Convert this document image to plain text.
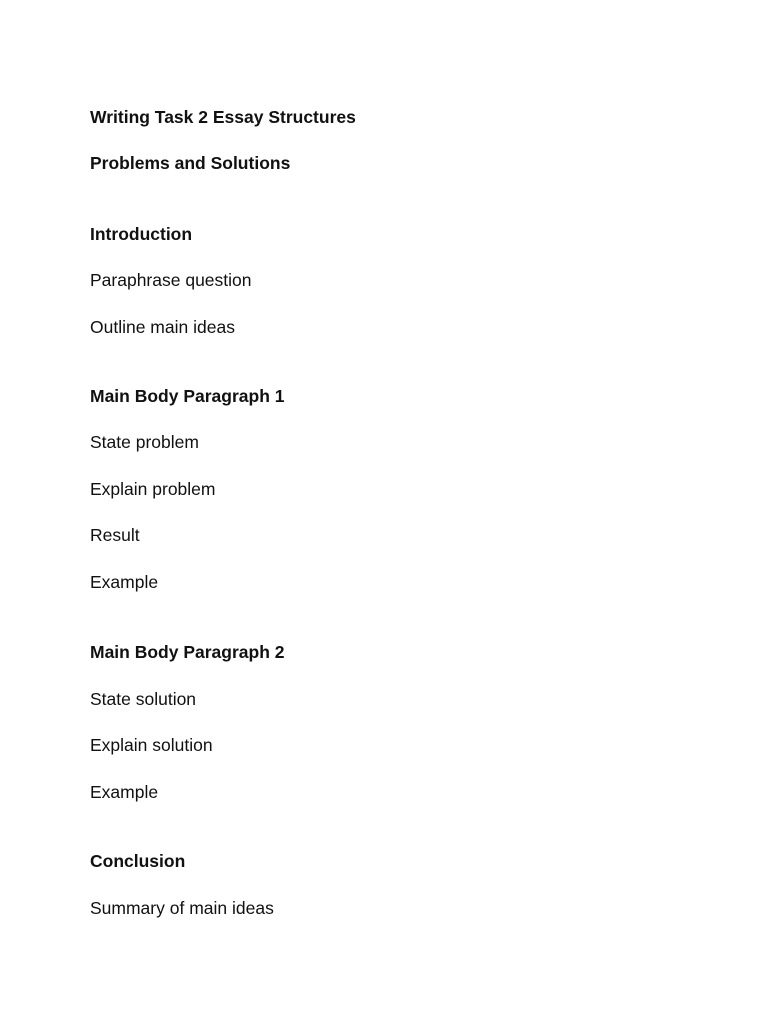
Writing Task 2 Essay Structures
Problems and Solutions
Introduction
Paraphrase question
Outline main ideas
Main Body Paragraph 1
State problem
Explain problem
Result
Example
Main Body Paragraph 2
State solution
Explain solution
Example
Conclusion
Summary of main ideas
